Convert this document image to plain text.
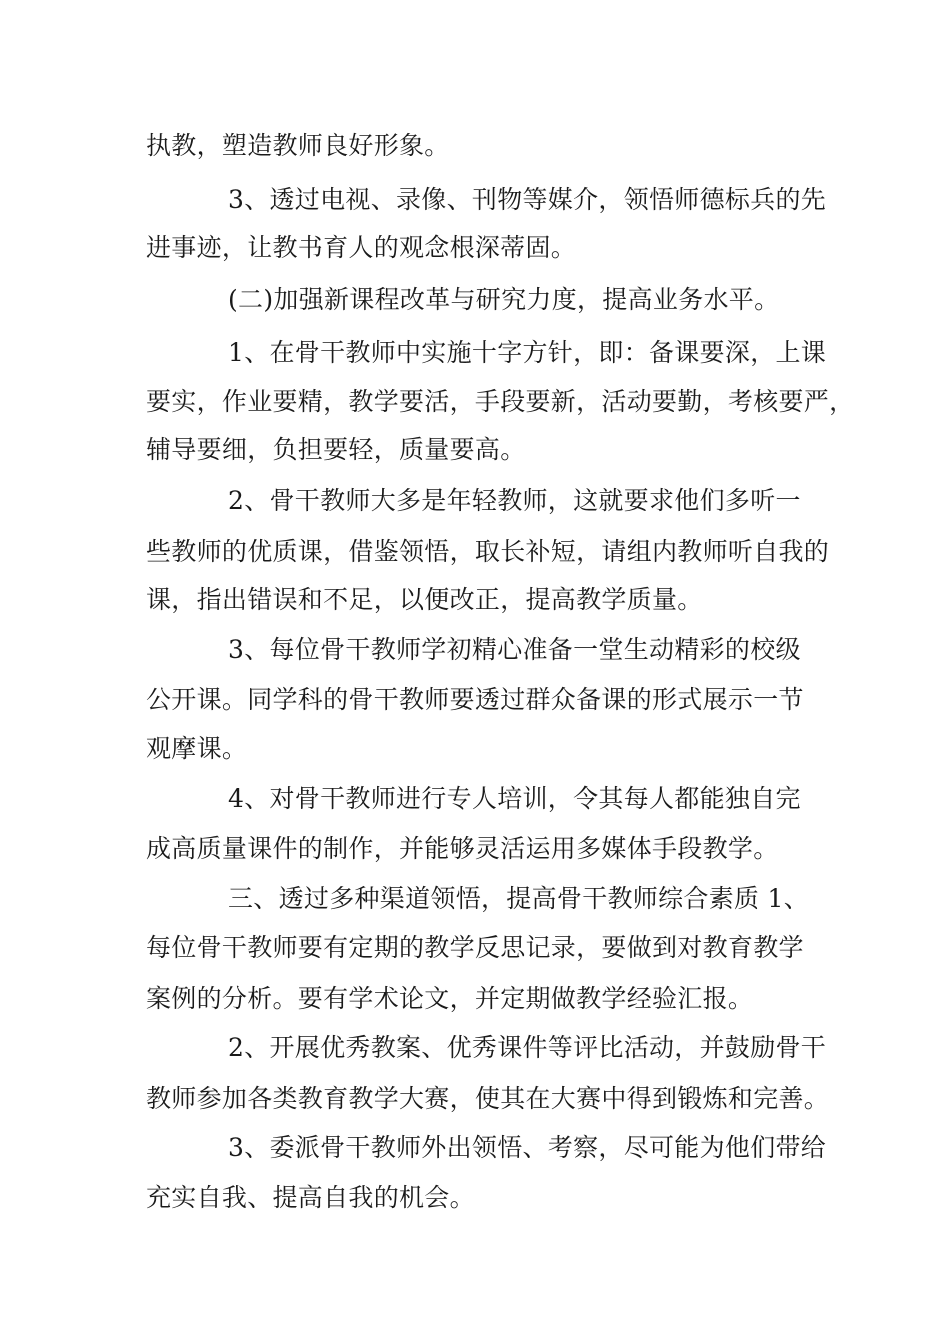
执教，塑造教师良好形象。

3、透过电视、录像、刊物等媒介，领悟师德标兵的先

进事迹，让教书育人的观念根深蒂固。

(二)加强新课程改革与研究力度，提高业务水平。

1、在骨干教师中实施十字方针，即：备课要深，上课

要实，作业要精，教学要活，手段要新，活动要勤，考核要严，

辅导要细，负担要轻，质量要高。

2、骨干教师大多是年轻教师，这就要求他们多听一

些教师的优质课，借鉴领悟，取长补短，请组内教师听自我的

课，指出错误和不足，以便改正，提高教学质量。

3、每位骨干教师学初精心准备一堂生动精彩的校级

公开课。同学科的骨干教师要透过群众备课的形式展示一节

观摩课。

4、对骨干教师进行专人培训，令其每人都能独自完

成高质量课件的制作，并能够灵活运用多媒体手段教学。

三、透过多种渠道领悟，提高骨干教师综合素质 1、

每位骨干教师要有定期的教学反思记录，要做到对教育教学

案例的分析。要有学术论文，并定期做教学经验汇报。

2、开展优秀教案、优秀课件等评比活动，并鼓励骨干

教师参加各类教育教学大赛，使其在大赛中得到锻炼和完善。

3、委派骨干教师外出领悟、考察，尽可能为他们带给

充实自我、提高自我的机会。
